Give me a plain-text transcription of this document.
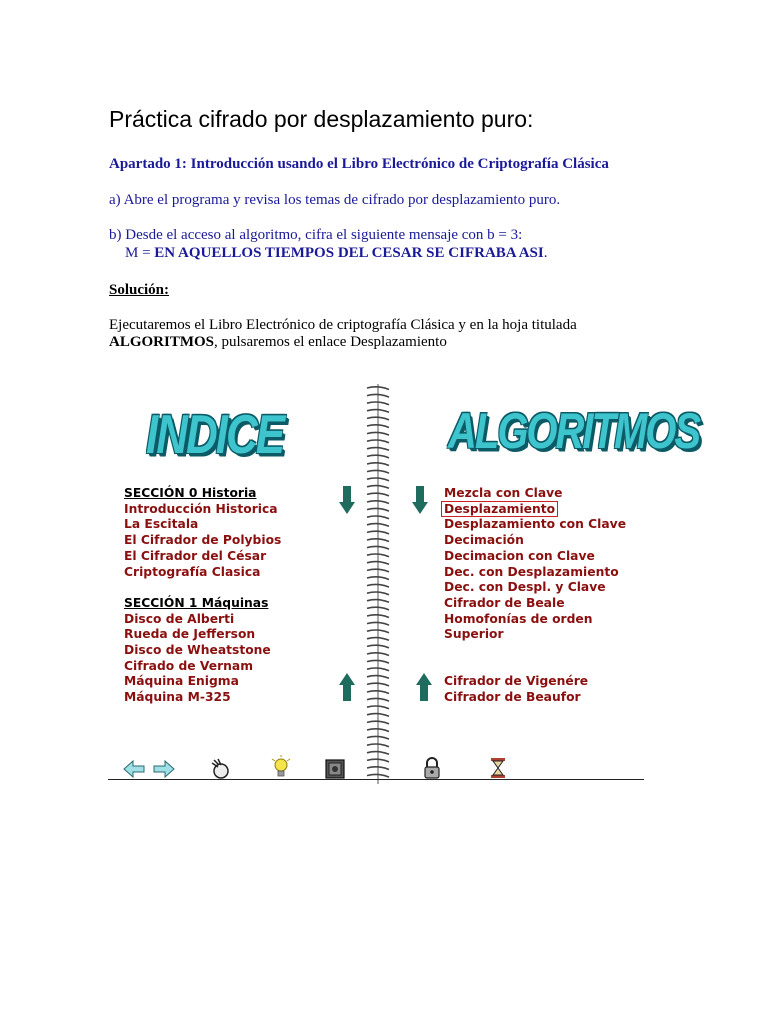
Práctica cifrado por desplazamiento puro:
Apartado 1: Introducción usando el Libro Electrónico de Criptografía Clásica
a) Abre el programa y revisa los temas de cifrado por desplazamiento puro.
b) Desde el acceso al algoritmo, cifra el siguiente mensaje con b = 3:
M = EN AQUELLOS TIEMPOS DEL CESAR SE CIFRABA ASI.
Solución:
Ejecutaremos el Libro Electrónico de criptografía Clásica y en la hoja titulada
ALGORITMOS, pulsaremos el enlace Desplazamiento
INDICE	ALGORITMOS
SECCIÓN 0 Historia
Introducción Historica
La Escitala
El Cifrador de Polybios
El Cifrador del César
Criptografía Clasica
SECCIÓN 1 Máquinas
Disco de Alberti
Rueda de Jefferson
Disco de Wheatstone
Cifrado de Vernam
Máquina Enigma
Máquina M-325
Mezcla con Clave
Desplazamiento
Desplazamiento con Clave
Decimación
Decimacion con Clave
Dec. con Desplazamiento
Dec. con Despl. y Clave
Cifrador de Beale
Homofonías de orden
Superior
Cifrador de Vigenére
Cifrador de Beaufor
